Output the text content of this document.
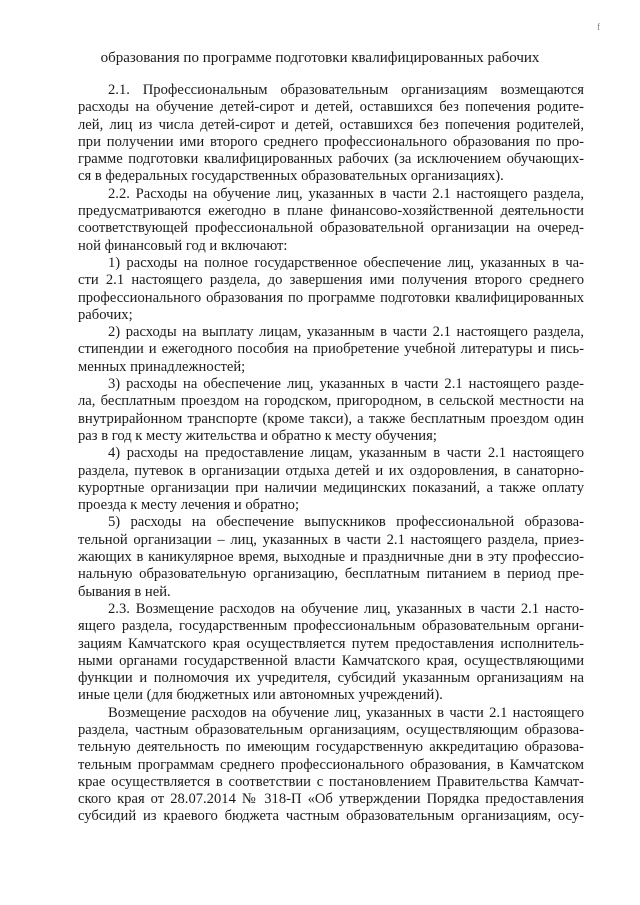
f
образования по программе подготовки квалифицированных рабочих
2.1. Профессиональным образовательным организациям возмещаются
расходы на обучение детей-сирот и детей, оставшихся без попечения родите-
лей, лиц из числа детей-сирот и детей, оставшихся без попечения родителей,
при получении ими второго среднего профессионального образования по про-
грамме подготовки квалифицированных рабочих (за исключением обучающих-
ся в федеральных государственных образовательных организациях).
2.2. Расходы на обучение лиц, указанных в части 2.1 настоящего раздела,
предусматриваются ежегодно в плане финансово-хозяйственной деятельности
соответствующей профессиональной образовательной организации на очеред-
ной финансовый год и включают:
1) расходы на полное государственное обеспечение лиц, указанных в ча-
сти 2.1 настоящего раздела, до завершения ими получения второго среднего
профессионального образования по программе подготовки квалифицированных
рабочих;
2) расходы на выплату лицам, указанным в части 2.1 настоящего раздела,
стипендии и ежегодного пособия на приобретение учебной литературы и пись-
менных принадлежностей;
3) расходы на обеспечение лиц, указанных в части 2.1 настоящего разде-
ла, бесплатным проездом на городском, пригородном, в сельской местности на
внутрирайонном транспорте (кроме такси), а также бесплатным проездом один
раз в год к месту жительства и обратно к месту обучения;
4) расходы на предоставление лицам, указанным в части 2.1 настоящего
раздела, путевок в организации отдыха детей и их оздоровления, в санаторно-
курортные организации при наличии медицинских показаний, а также оплату
проезда к месту лечения и обратно;
5) расходы на обеспечение выпускников профессиональной образова-
тельной организации – лиц, указанных в части 2.1 настоящего раздела, приез-
жающих в каникулярное время, выходные и праздничные дни в эту профессио-
нальную образовательную организацию, бесплатным питанием в период пре-
бывания в ней.
2.3. Возмещение расходов на обучение лиц, указанных в части 2.1 насто-
ящего раздела, государственным профессиональным образовательным органи-
зациям Камчатского края осуществляется путем предоставления исполнитель-
ными органами государственной власти Камчатского края, осуществляющими
функции и полномочия их учредителя, субсидий указанным организациям на
иные цели (для бюджетных или автономных учреждений).
Возмещение расходов на обучение лиц, указанных в части 2.1 настоящего
раздела, частным образовательным организациям, осуществляющим образова-
тельную деятельность по имеющим государственную аккредитацию образова-
тельным программам среднего профессионального образования, в Камчатском
крае осуществляется в соответствии с постановлением Правительства Камчат-
ского края от 28.07.2014 № 318-П «Об утверждении Порядка предоставления
субсидий из краевого бюджета частным образовательным организациям, осу-
